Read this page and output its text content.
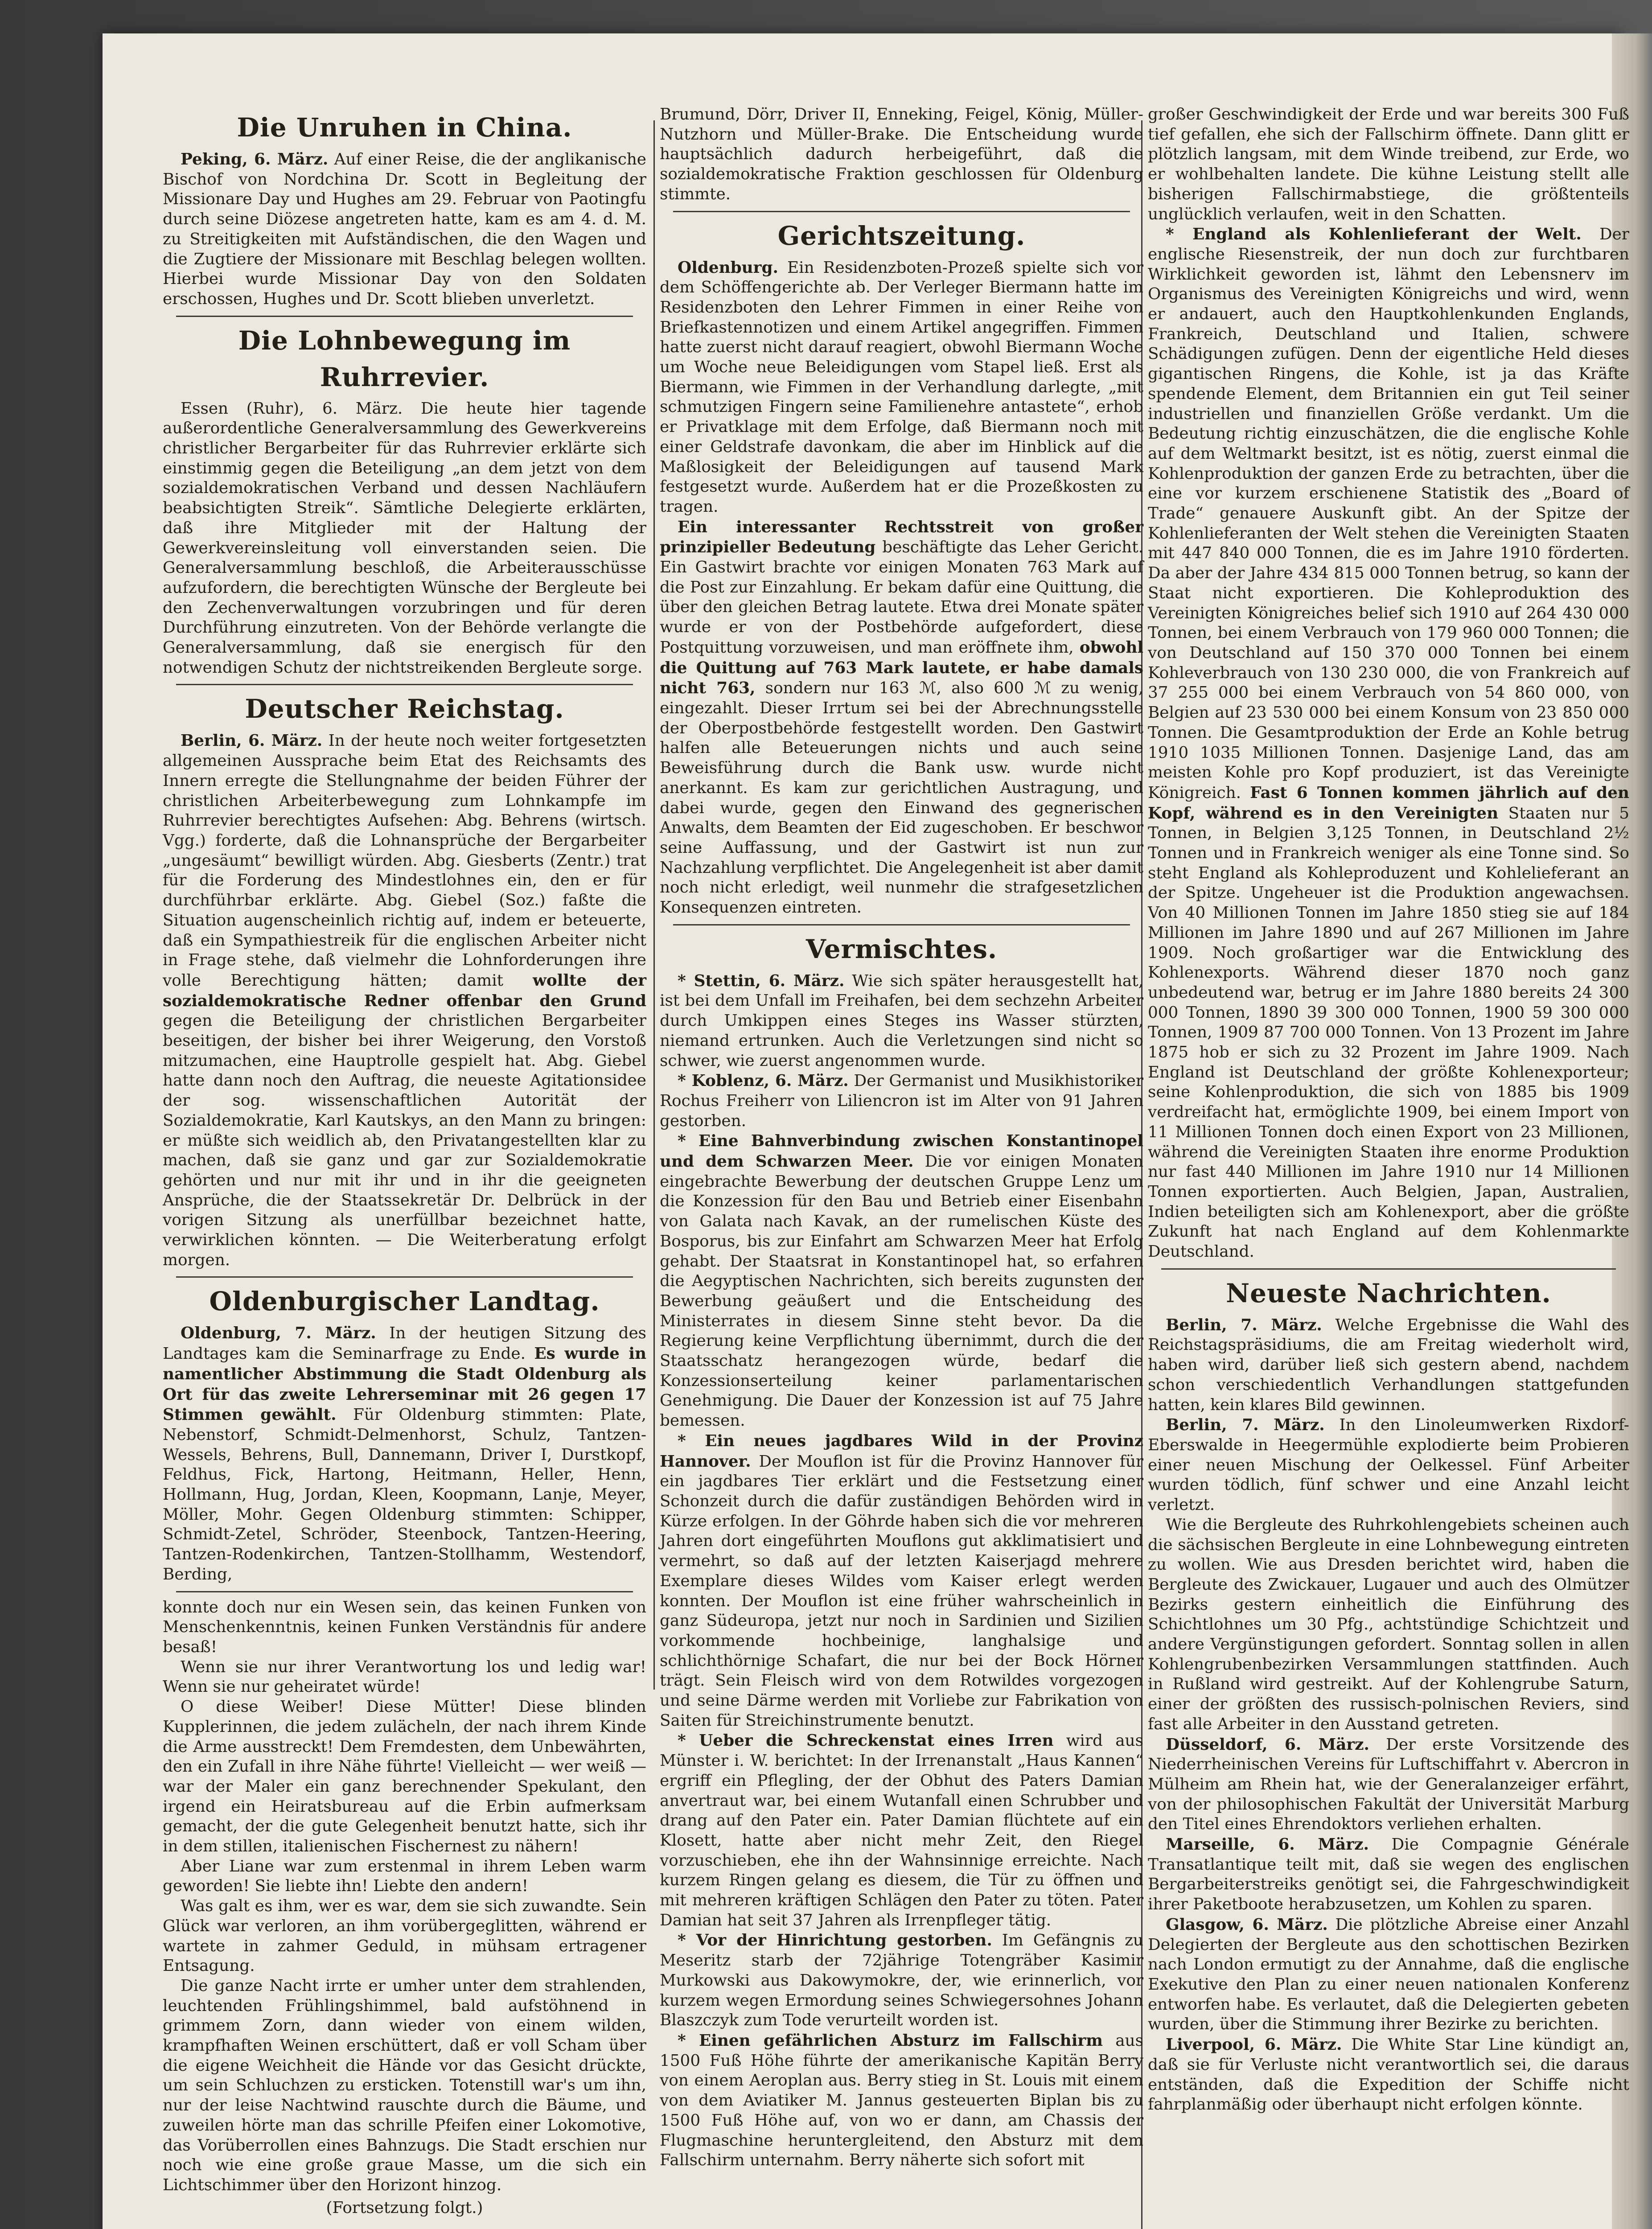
Die Unruhen in China.

Peking, 6. März. Auf einer Reise, die der anglikanische Bischof von Nordchina Dr. Scott in Begleitung der Missionare Day und Hughes am 29. Februar von Paotingfu durch seine Diözese angetreten hatte, kam es am 4. d. M. zu Streitigkeiten mit Aufständischen, die den Wagen und die Zugtiere der Missionare mit Beschlag belegen wollten. Hierbei wurde Missionar Day von den Soldaten erschossen, Hughes und Dr. Scott blieben unverletzt.

Die Lohnbewegung im Ruhrrevier.

Essen (Ruhr), 6. März. Die heute hier tagende außerordentliche Generalversammlung des Gewerkvereins christlicher Bergarbeiter für das Ruhrrevier erklärte sich einstimmig gegen die Beteiligung „an dem jetzt von dem sozialdemokratischen Verband und dessen Nachläufern beabsichtigten Streik“. Sämtliche Delegierte erklärten, daß ihre Mitglieder mit der Haltung der Gewerkvereinsleitung voll einverstanden seien. Die Generalversammlung beschloß, die Arbeiterausschüsse aufzufordern, die berechtigten Wünsche der Bergleute bei den Zechenverwaltungen vorzubringen und für deren Durchführung einzutreten. Von der Behörde verlangte die Generalversammlung, daß sie energisch für den notwendigen Schutz der nichtstreikenden Bergleute sorge.

Deutscher Reichstag.

Berlin, 6. März. In der heute noch weiter fortgesetzten allgemeinen Aussprache beim Etat des Reichsamts des Innern erregte die Stellungnahme der beiden Führer der christlichen Arbeiterbewegung zum Lohnkampfe im Ruhrrevier berechtigtes Aufsehen: Abg. Behrens (wirtsch. Vgg.) forderte, daß die Lohnansprüche der Bergarbeiter „ungesäumt“ bewilligt würden. Abg. Giesberts (Zentr.) trat für die Forderung des Mindestlohnes ein, den er für durchführbar erklärte. Abg. Giebel (Soz.) faßte die Situation augenscheinlich richtig auf, indem er beteuerte, daß ein Sympathiestreik für die englischen Arbeiter nicht in Frage stehe, daß vielmehr die Lohnforderungen ihre volle Berechtigung hätten; damit wollte der sozialdemokratische Redner offenbar den Grund gegen die Beteiligung der christlichen Bergarbeiter beseitigen, der bisher bei ihrer Weigerung, den Vorstoß mitzumachen, eine Hauptrolle gespielt hat. Abg. Giebel hatte dann noch den Auftrag, die neueste Agitationsidee der sog. wissenschaftlichen Autorität der Sozialdemokratie, Karl Kautskys, an den Mann zu bringen: er müßte sich weidlich ab, den Privatangestellten klar zu machen, daß sie ganz und gar zur Sozialdemokratie gehörten und nur mit ihr und in ihr die geeigneten Ansprüche, die der Staatssekretär Dr. Delbrück in der vorigen Sitzung als unerfüllbar bezeichnet hatte, verwirklichen könnten. — Die Weiterberatung erfolgt morgen.

Oldenburgischer Landtag.

Oldenburg, 7. März. In der heutigen Sitzung des Landtages kam die Seminarfrage zu Ende. Es wurde in namentlicher Abstimmung die Stadt Oldenburg als Ort für das zweite Lehrerseminar mit 26 gegen 17 Stimmen gewählt. Für Oldenburg stimmten: Plate, Nebenstorf, Schmidt-Delmenhorst, Schulz, Tantzen-Wessels, Behrens, Bull, Dannemann, Driver I, Durstkopf, Feldhus, Fick, Hartong, Heitmann, Heller, Henn, Hollmann, Hug, Jordan, Kleen, Koopmann, Lanje, Meyer, Möller, Mohr. Gegen Oldenburg stimmten: Schipper, Schmidt-Zetel, Schröder, Steenbock, Tantzen-Heering, Tantzen-Rodenkirchen, Tantzen-Stollhamm, Westendorf, Berding,

konnte doch nur ein Wesen sein, das keinen Funken von Menschenkenntnis, keinen Funken Verständnis für andere besaß!

Wenn sie nur ihrer Verantwortung los und ledig war! Wenn sie nur geheiratet würde!

O diese Weiber! Diese Mütter! Diese blinden Kupplerinnen, die jedem zulächeln, der nach ihrem Kinde die Arme ausstreckt! Dem Fremdesten, dem Unbewährten, den ein Zufall in ihre Nähe führte! Vielleicht — wer weiß — war der Maler ein ganz berechnender Spekulant, den irgend ein Heiratsbureau auf die Erbin aufmerksam gemacht, der die gute Gelegenheit benutzt hatte, sich ihr in dem stillen, italienischen Fischernest zu nähern!

Aber Liane war zum erstenmal in ihrem Leben warm geworden! Sie liebte ihn! Liebte den andern!

Was galt es ihm, wer es war, dem sie sich zuwandte. Sein Glück war verloren, an ihm vorübergeglitten, während er wartete in zahmer Geduld, in mühsam ertragener Entsagung.

Die ganze Nacht irrte er umher unter dem strahlenden, leuchtenden Frühlingshimmel, bald aufstöhnend in grimmem Zorn, dann wieder von einem wilden, krampfhaften Weinen erschüttert, daß er voll Scham über die eigene Weichheit die Hände vor das Gesicht drückte, um sein Schluchzen zu ersticken. Totenstill war's um ihn, nur der leise Nachtwind rauschte durch die Bäume, und zuweilen hörte man das schrille Pfeifen einer Lokomotive, das Vorüberrollen eines Bahnzugs. Die Stadt erschien nur noch wie eine große graue Masse, um die sich ein Lichtschimmer über den Horizont hinzog.

(Fortsetzung folgt.)

Brumund, Dörr, Driver II, Enneking, Feigel, König, Müller-Nutzhorn und Müller-Brake. Die Entscheidung wurde hauptsächlich dadurch herbeigeführt, daß die sozialdemokratische Fraktion geschlossen für Oldenburg stimmte.

Gerichtszeitung.

Oldenburg. Ein Residenzboten-Prozeß spielte sich vor dem Schöffengerichte ab. Der Verleger Biermann hatte im Residenzboten den Lehrer Fimmen in einer Reihe von Briefkastennotizen und einem Artikel angegriffen. Fimmen hatte zuerst nicht darauf reagiert, obwohl Biermann Woche um Woche neue Beleidigungen vom Stapel ließ. Erst als Biermann, wie Fimmen in der Verhandlung darlegte, „mit schmutzigen Fingern seine Familienehre antastete“, erhob er Privatklage mit dem Erfolge, daß Biermann noch mit einer Geldstrafe davonkam, die aber im Hinblick auf die Maßlosigkeit der Beleidigungen auf tausend Mark festgesetzt wurde. Außerdem hat er die Prozeßkosten zu tragen.

Ein interessanter Rechtsstreit von großer prinzipieller Bedeutung beschäftigte das Leher Gericht. Ein Gastwirt brachte vor einigen Monaten 763 Mark auf die Post zur Einzahlung. Er bekam dafür eine Quittung, die über den gleichen Betrag lautete. Etwa drei Monate später wurde er von der Postbehörde aufgefordert, diese Postquittung vorzuweisen, und man eröffnete ihm, obwohl die Quittung auf 763 Mark lautete, er habe damals nicht 763, sondern nur 163 ℳ, also 600 ℳ zu wenig, eingezahlt. Dieser Irrtum sei bei der Abrechnungsstelle der Oberpostbehörde festgestellt worden. Den Gastwirt halfen alle Beteuerungen nichts und auch seine Beweisführung durch die Bank usw. wurde nicht anerkannt. Es kam zur gerichtlichen Austragung, und dabei wurde, gegen den Einwand des gegnerischen Anwalts, dem Beamten der Eid zugeschoben. Er beschwor seine Auffassung, und der Gastwirt ist nun zur Nachzahlung verpflichtet. Die Angelegenheit ist aber damit noch nicht erledigt, weil nunmehr die strafgesetzlichen Konsequenzen eintreten.

Vermischtes.

* Stettin, 6. März. Wie sich später herausgestellt hat, ist bei dem Unfall im Freihafen, bei dem sechzehn Arbeiter durch Umkippen eines Steges ins Wasser stürzten, niemand ertrunken. Auch die Verletzungen sind nicht so schwer, wie zuerst angenommen wurde.

* Koblenz, 6. März. Der Germanist und Musikhistoriker Rochus Freiherr von Liliencron ist im Alter von 91 Jahren gestorben.

* Eine Bahnverbindung zwischen Konstantinopel und dem Schwarzen Meer. Die vor einigen Monaten eingebrachte Bewerbung der deutschen Gruppe Lenz um die Konzession für den Bau und Betrieb einer Eisenbahn von Galata nach Kavak, an der rumelischen Küste des Bosporus, bis zur Einfahrt am Schwarzen Meer hat Erfolg gehabt. Der Staatsrat in Konstantinopel hat, so erfahren die Aegyptischen Nachrichten, sich bereits zugunsten der Bewerbung geäußert und die Entscheidung des Ministerrates in diesem Sinne steht bevor. Da die Regierung keine Verpflichtung übernimmt, durch die der Staatsschatz herangezogen würde, bedarf die Konzessionserteilung keiner parlamentarischen Genehmigung. Die Dauer der Konzession ist auf 75 Jahre bemessen.

* Ein neues jagdbares Wild in der Provinz Hannover. Der Mouflon ist für die Provinz Hannover für ein jagdbares Tier erklärt und die Festsetzung einer Schonzeit durch die dafür zuständigen Behörden wird in Kürze erfolgen. In der Göhrde haben sich die vor mehreren Jahren dort eingeführten Mouflons gut akklimatisiert und vermehrt, so daß auf der letzten Kaiserjagd mehrere Exemplare dieses Wildes vom Kaiser erlegt werden konnten. Der Mouflon ist eine früher wahrscheinlich in ganz Südeuropa, jetzt nur noch in Sardinien und Sizilien vorkommende hochbeinige, langhalsige und schlichthörnige Schafart, die nur bei der Bock Hörner trägt. Sein Fleisch wird von dem Rotwildes vorgezogen und seine Därme werden mit Vorliebe zur Fabrikation von Saiten für Streichinstrumente benutzt.

* Ueber die Schreckenstat eines Irren wird aus Münster i. W. berichtet: In der Irrenanstalt „Haus Kannen“ ergriff ein Pflegling, der der Obhut des Paters Damian anvertraut war, bei einem Wutanfall einen Schrubber und drang auf den Pater ein. Pater Damian flüchtete auf ein Klosett, hatte aber nicht mehr Zeit, den Riegel vorzuschieben, ehe ihn der Wahnsinnige erreichte. Nach kurzem Ringen gelang es diesem, die Tür zu öffnen und mit mehreren kräftigen Schlägen den Pater zu töten. Pater Damian hat seit 37 Jahren als Irrenpfleger tätig.

* Vor der Hinrichtung gestorben. Im Gefängnis zu Meseritz starb der 72jährige Totengräber Kasimir Murkowski aus Dakowymokre, der, wie erinnerlich, vor kurzem wegen Ermordung seines Schwiegersohnes Johann Blaszczyk zum Tode verurteilt worden ist.

* Einen gefährlichen Absturz im Fallschirm aus 1500 Fuß Höhe führte der amerikanische Kapitän Berry von einem Aeroplan aus. Berry stieg in St. Louis mit einem von dem Aviatiker M. Jannus gesteuerten Biplan bis zu 1500 Fuß Höhe auf, von wo er dann, am Chassis der Flugmaschine heruntergleitend, den Absturz mit dem Fallschirm unternahm. Berry näherte sich sofort mit

großer Geschwindigkeit der Erde und war bereits 300 Fuß tief gefallen, ehe sich der Fallschirm öffnete. Dann glitt er plötzlich langsam, mit dem Winde treibend, zur Erde, wo er wohlbehalten landete. Die kühne Leistung stellt alle bisherigen Fallschirmabstiege, die größtenteils unglücklich verlaufen, weit in den Schatten.

* England als Kohlenlieferant der Welt. Der englische Riesenstreik, der nun doch zur furchtbaren Wirklichkeit geworden ist, lähmt den Lebensnerv im Organismus des Vereinigten Königreichs und wird, wenn er andauert, auch den Hauptkohlenkunden Englands, Frankreich, Deutschland und Italien, schwere Schädigungen zufügen. Denn der eigentliche Held dieses gigantischen Ringens, die Kohle, ist ja das Kräfte spendende Element, dem Britannien ein gut Teil seiner industriellen und finanziellen Größe verdankt. Um die Bedeutung richtig einzuschätzen, die die englische Kohle auf dem Weltmarkt besitzt, ist es nötig, zuerst einmal die Kohlenproduktion der ganzen Erde zu betrachten, über die eine vor kurzem erschienene Statistik des „Board of Trade“ genauere Auskunft gibt. An der Spitze der Kohlenlieferanten der Welt stehen die Vereinigten Staaten mit 447 840 000 Tonnen, die es im Jahre 1910 förderten. Da aber der Jahre 434 815 000 Tonnen betrug, so kann der Staat nicht exportieren. Die Kohleproduktion des Vereinigten Königreiches belief sich 1910 auf 264 430 000 Tonnen, bei einem Verbrauch von 179 960 000 Tonnen; die von Deutschland auf 150 370 000 Tonnen bei einem Kohleverbrauch von 130 230 000, die von Frankreich auf 37 255 000 bei einem Verbrauch von 54 860 000, von Belgien auf 23 530 000 bei einem Konsum von 23 850 000 Tonnen. Die Gesamtproduktion der Erde an Kohle betrug 1910 1035 Millionen Tonnen. Dasjenige Land, das am meisten Kohle pro Kopf produziert, ist das Vereinigte Königreich. Fast 6 Tonnen kommen jährlich auf den Kopf, während es in den Vereinigten Staaten nur 5 Tonnen, in Belgien 3,125 Tonnen, in Deutschland 2½ Tonnen und in Frankreich weniger als eine Tonne sind. So steht England als Kohleproduzent und Kohlelieferant an der Spitze. Ungeheuer ist die Produktion angewachsen. Von 40 Millionen Tonnen im Jahre 1850 stieg sie auf 184 Millionen im Jahre 1890 und auf 267 Millionen im Jahre 1909. Noch großartiger war die Entwicklung des Kohlenexports. Während dieser 1870 noch ganz unbedeutend war, betrug er im Jahre 1880 bereits 24 300 000 Tonnen, 1890 39 300 000 Tonnen, 1900 59 300 000 Tonnen, 1909 87 700 000 Tonnen. Von 13 Prozent im Jahre 1875 hob er sich zu 32 Prozent im Jahre 1909. Nach England ist Deutschland der größte Kohlenexporteur; seine Kohlenproduktion, die sich von 1885 bis 1909 verdreifacht hat, ermöglichte 1909, bei einem Import von 11 Millionen Tonnen doch einen Export von 23 Millionen, während die Vereinigten Staaten ihre enorme Produktion nur fast 440 Millionen im Jahre 1910 nur 14 Millionen Tonnen exportierten. Auch Belgien, Japan, Australien, Indien beteiligten sich am Kohlenexport, aber die größte Zukunft hat nach England auf dem Kohlenmarkte Deutschland.

Neueste Nachrichten.

Berlin, 7. März. Welche Ergebnisse die Wahl des Reichstagspräsidiums, die am Freitag wiederholt wird, haben wird, darüber ließ sich gestern abend, nachdem schon verschiedentlich Verhandlungen stattgefunden hatten, kein klares Bild gewinnen.

Berlin, 7. März. In den Linoleumwerken Rixdorf-Eberswalde in Heegermühle explodierte beim Probieren einer neuen Mischung der Oelkessel. Fünf Arbeiter wurden tödlich, fünf schwer und eine Anzahl leicht verletzt.

Wie die Bergleute des Ruhrkohlengebiets scheinen auch die sächsischen Bergleute in eine Lohnbewegung eintreten zu wollen. Wie aus Dresden berichtet wird, haben die Bergleute des Zwickauer, Lugauer und auch des Olmützer Bezirks gestern einheitlich die Einführung des Schichtlohnes um 30 Pfg., achtstündige Schichtzeit und andere Vergünstigungen gefordert. Sonntag sollen in allen Kohlengrubenbezirken Versammlungen stattfinden. Auch in Rußland wird gestreikt. Auf der Kohlengrube Saturn, einer der größten des russisch-polnischen Reviers, sind fast alle Arbeiter in den Ausstand getreten.

Düsseldorf, 6. März. Der erste Vorsitzende des Niederrheinischen Vereins für Luftschiffahrt v. Abercron in Mülheim am Rhein hat, wie der Generalanzeiger erfährt, von der philosophischen Fakultät der Universität Marburg den Titel eines Ehrendoktors verliehen erhalten.

Marseille, 6. März. Die Compagnie Générale Transatlantique teilt mit, daß sie wegen des englischen Bergarbeiterstreiks genötigt sei, die Fahrgeschwindigkeit ihrer Paketboote herabzusetzen, um Kohlen zu sparen.

Glasgow, 6. März. Die plötzliche Abreise einer Anzahl Delegierten der Bergleute aus den schottischen Bezirken nach London ermutigt zu der Annahme, daß die englische Exekutive den Plan zu einer neuen nationalen Konferenz entworfen habe. Es verlautet, daß die Delegierten gebeten wurden, über die Stimmung ihrer Bezirke zu berichten.

Liverpool, 6. März. Die White Star Line kündigt an, daß sie für Verluste nicht verantwortlich sei, die daraus entständen, daß die Expedition der Schiffe nicht fahrplanmäßig oder überhaupt nicht erfolgen könnte.
